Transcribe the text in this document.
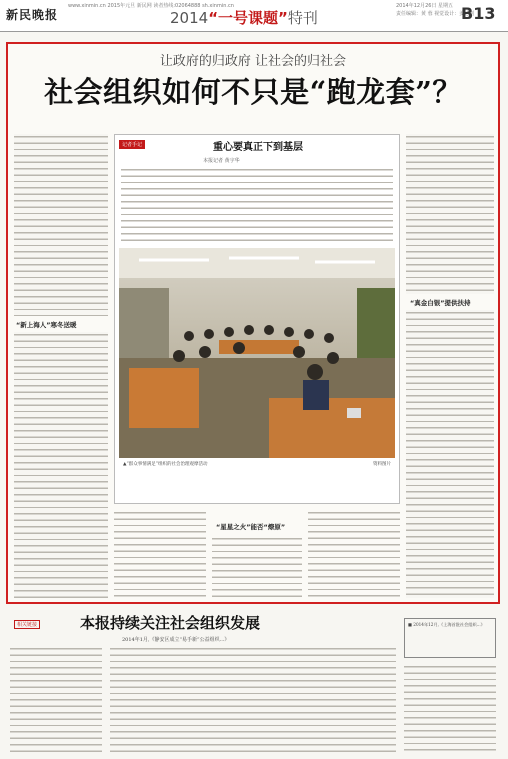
新民晚报
www.xinmin.cn 2015年元旦 新民网 读者热线:02064888 sh.xinmin.cn
2014“一号课题”特刊
2014年12月26日 星期五
责任编辑：黄 蓉 视觉设计：姜达刚
B13
让政府的归政府 让社会的归社会
社会组织如何不只是“跑龙套”？
“新上海人”寒冬送暖
“真金白银”提供扶持
记者手记	重心要真正下到基层
本报记者 黄宇华
▲“群众事情满足”组织的社会治理观摩活动	资料图片
“星星之火”能否“燎原”
相关链接	本报持续关注社会组织发展
2014年1月,《静安区成立“易手新”公益组织...》
■ 2014年12月,《上海首批社会组织...》
